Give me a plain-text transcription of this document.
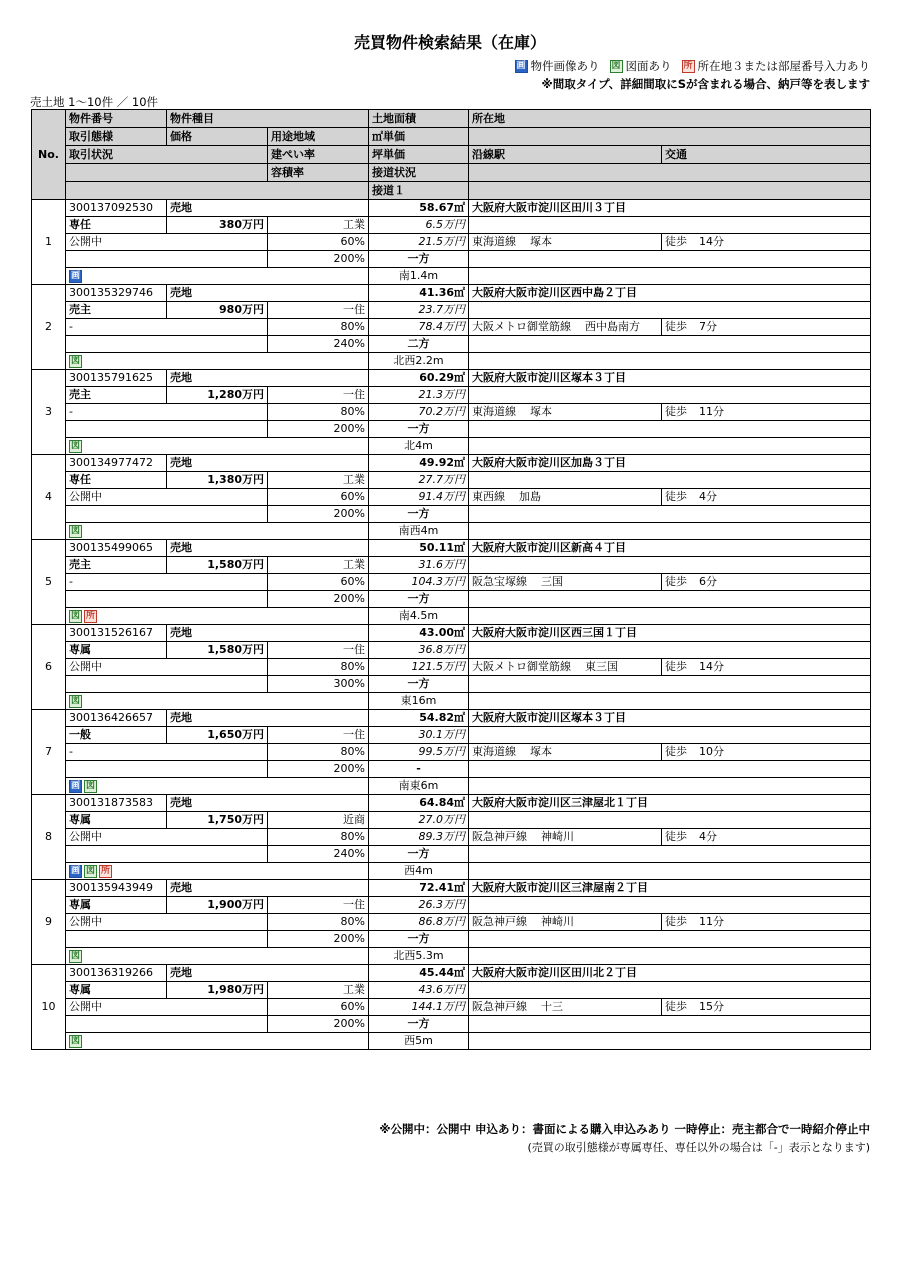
売買物件検索結果（在庫）
画 物件画像あり 図 図面あり 所 所在地３または部屋番号入力あり
※間取タイプ、詳細間取にSが含まれる場合、納戸等を表します
売土地 1〜10件 ／ 10件
No.	物件番号	物件種目		土地面積	所在地	
	取引態様	価格	用途地域	㎡単価		
	取引状況		建ぺい率	坪単価	沿線駅	交通
			容積率	接道状況		
				接道１		
1	300137092530	売地		58.67㎡	大阪府大阪市淀川区田川３丁目	
	専任	380万円	工業	6.5万円		
	公開中		60%	21.5万円	東海道線 塚本	徒歩 14分
			200%	一方		
	画			南1.4m		
2	300135329746	売地		41.36㎡	大阪府大阪市淀川区西中島２丁目	
	売主	980万円	一住	23.7万円		
	-		80%	78.4万円	大阪メトロ御堂筋線 西中島南方	徒歩 7分
			240%	二方		
	図			北西2.2m		
3	300135791625	売地		60.29㎡	大阪府大阪市淀川区塚本３丁目	
	売主	1,280万円	一住	21.3万円		
	-		80%	70.2万円	東海道線 塚本	徒歩 11分
			200%	一方		
	図			北4m		
4	300134977472	売地		49.92㎡	大阪府大阪市淀川区加島３丁目	
	専任	1,380万円	工業	27.7万円		
	公開中		60%	91.4万円	東西線 加島	徒歩 4分
			200%	一方		
	図			南西4m		
5	300135499065	売地		50.11㎡	大阪府大阪市淀川区新高４丁目	
	売主	1,580万円	工業	31.6万円		
	-		60%	104.3万円	阪急宝塚線 三国	徒歩 6分
			200%	一方		
	図 所			南4.5m		
6	300131526167	売地		43.00㎡	大阪府大阪市淀川区西三国１丁目	
	専属	1,580万円	一住	36.8万円		
	公開中		80%	121.5万円	大阪メトロ御堂筋線 東三国	徒歩 14分
			300%	一方		
	図			東16m		
7	300136426657	売地		54.82㎡	大阪府大阪市淀川区塚本３丁目	
	一般	1,650万円	一住	30.1万円		
	-		80%	99.5万円	東海道線 塚本	徒歩 10分
			200%	-		
	画 図			南東6m		
8	300131873583	売地		64.84㎡	大阪府大阪市淀川区三津屋北１丁目	
	専属	1,750万円	近商	27.0万円		
	公開中		80%	89.3万円	阪急神戸線 神崎川	徒歩 4分
			240%	一方		
	画 図 所			西4m		
9	300135943949	売地		72.41㎡	大阪府大阪市淀川区三津屋南２丁目	
	専属	1,900万円	一住	26.3万円		
	公開中		80%	86.8万円	阪急神戸線 神崎川	徒歩 11分
			200%	一方		
	図			北西5.3m		
10	300136319266	売地		45.44㎡	大阪府大阪市淀川区田川北２丁目	
	専属	1,980万円	工業	43.6万円		
	公開中		60%	144.1万円	阪急神戸線 十三	徒歩 15分
			200%	一方		
	図			西5m		
※公開中：公開中 申込あり：書面による購入申込みあり 一時停止：売主都合で一時紹介停止中
(売買の取引態様が専属専任、専任以外の場合は「-」表示となります)
